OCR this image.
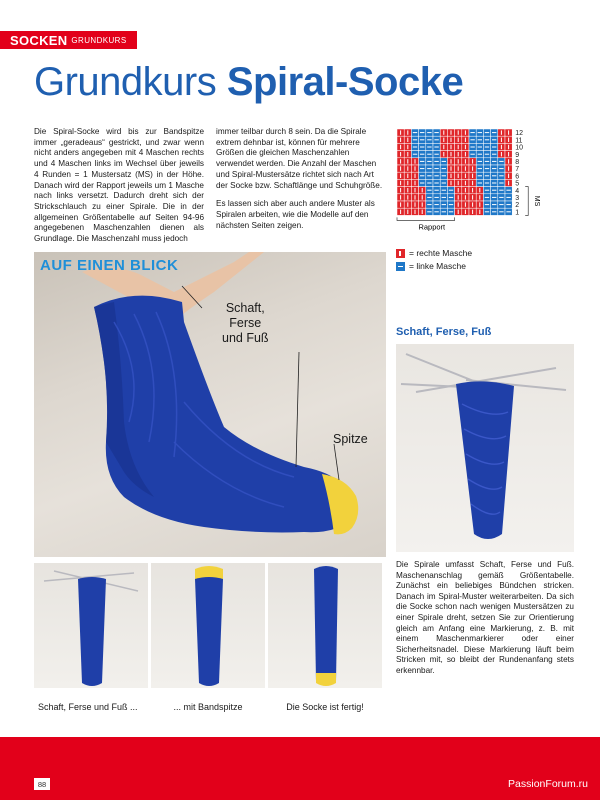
SOCKEN GRUNDKURS
Grundkurs Spiral-Socke

Die Spiral-Socke wird bis zur Bandspitze immer „geradeaus“ gestrickt, und zwar wenn nicht anders angegeben mit 4 Maschen rechts und 4 Maschen links im Wechsel über jeweils 4 Runden = 1 Mustersatz (MS) in der Höhe. Danach wird der Rapport jeweils um 1 Masche nach links versetzt. Dadurch dreht sich der Strickschlauch zu einer Spirale. Die in der allgemeinen Größentabelle auf Seiten 94-96 angegebenen Maschenzahlen dienen als Grundlage. Die Maschenzahl muss jedoch

immer teilbar durch 8 sein. Da die Spirale extrem dehnbar ist, können für mehrere Größen die gleichen Maschenzahlen verwendet werden. Die Anzahl der Maschen und Spiral-Mustersätze richtet sich nach Art der Socke bzw. Schaftlänge und Schuhgröße.

Es lassen sich aber auch andere Muster als Spiralen arbeiten, wie die Modelle auf den nächsten Seiten zeigen.

12
11
10
9
8
7
6
5
4
3
2
1
MS
Rapport
= rechte Masche
= linke Masche
AUF EINEN BLICK
Schaft,
Ferse
und Fuß
Spitze
Schaft, Ferse, Fuß
Die Spirale umfasst Schaft, Ferse und Fuß. Maschenanschlag gemäß Größentabelle. Zunächst ein beliebiges Bündchen stricken. Danach im Spiral-Muster weiterarbeiten. Da sich die Socke schon nach wenigen Mustersätzen zu einer Spirale dreht, setzen Sie zur Orientierung gleich am Anfang eine Markierung, z. B. mit einem Maschenmarkierer oder einer Sicherheitsnadel. Diese Markierung läuft beim Stricken mit, so bleibt der Rundenanfang stets erkennbar.
Schaft, Ferse und Fuß ...	... mit Bandspitze	Die Socke ist fertig!
88	PassionForum.ru
